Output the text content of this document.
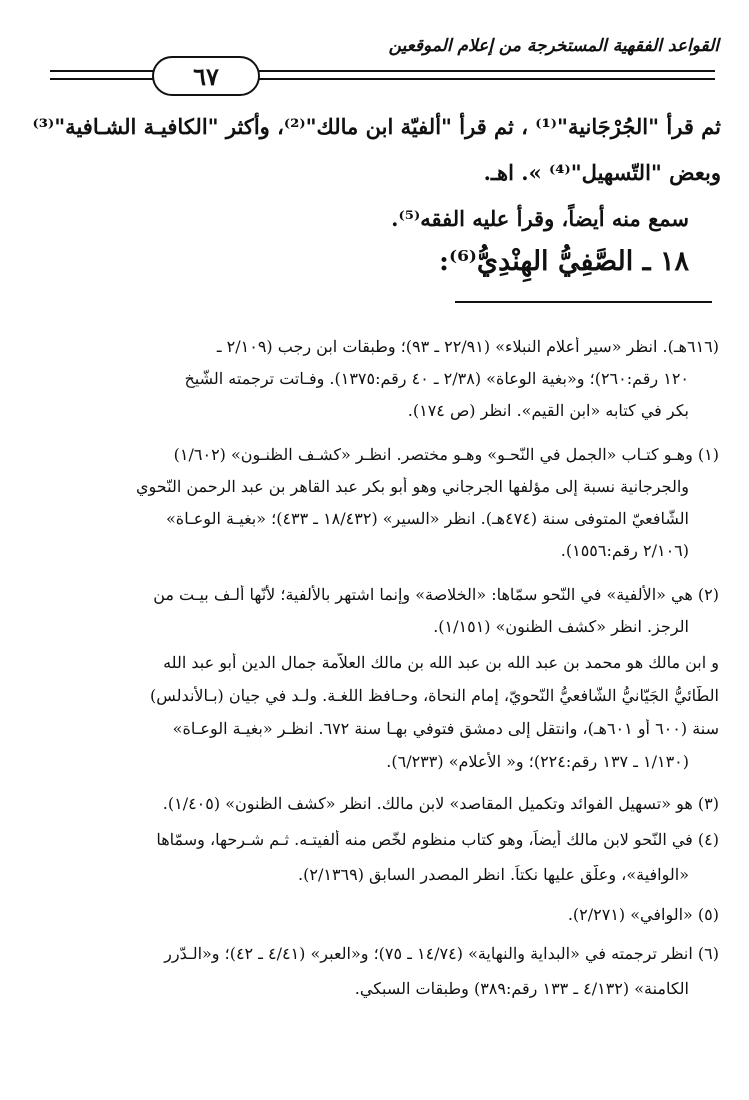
القواعد الفقهية المستخرجة من إعلام الموقعين
٦٧
ثم قرأ "الجُرْجَانية"⁽¹⁾ ، ثم قرأ "ألفيّة ابن مالك"⁽²⁾، وأكثر "الكافيـة الشـافية"⁽³⁾
وبعض "التّسهيل"⁽⁴⁾ ». اهـ.
سمع منه أيضاً، وقرأ عليه الفقه⁽⁵⁾.
١٨ ـ الصَّفِيُّ الهِنْدِيُّ⁽⁶⁾:
(٦١٦هـ). انظر «سير أعلام النبلاء» (٢٢/٩١ ـ ٩٣)؛ وطبقات ابن رجب (٢/١٠٩ ـ
١٢٠ رقم:٢٦٠)؛ و«بغية الوعاة» (٢/٣٨ ـ ٤٠ رقم:١٣٧٥). وفـاتت ترجمته الشّيخ
بكر في كتابه «ابن القيم». انظر (ص ١٧٤).
(١) وهـو كتـاب «الجمل في النّحـو» وهـو مختصر. انظـر «كشـف الظنـون» (١/٦٠٢)
والجرجانية نسبة إلى مؤلفها الجرجاني وهو أبو بكر عبد القاهر بن عبد الرحمن النّحوي
الشّافعيّ المتوفى سنة (٤٧٤هـ). انظر «السير» (١٨/٤٣٢ ـ ٤٣٣)؛ «بغيـة الوعـاة»
(٢/١٠٦ رقم:١٥٥٦).
(٢) هي «الألفية» في النّحو سمّاها: «الخلاصة» وإنما اشتهر بالألفية؛ لأنّها ألـف بيـت من
الرجز. انظر «كشف الظنون» (١/١٥١).
و ابن مالك هو محمد بن عبد الله بن عبد الله بن مالك العلاّمة جمال الدين أبو عبد الله
الطّائيُّ الجَيّانيُّ الشّافعيُّ النّحويّ، إمام النحاة، وحـافظ اللغـة. ولـد في جيان (بـالأندلس)
سنة (٦٠٠ أو ٦٠١هـ)، وانتقل إلى دمشق فتوفي بهـا سنة ٦٧٢. انظـر «بغيـة الوعـاة»
(١/١٣٠ ـ ١٣٧ رقم:٢٢٤)؛ و« الأعلام» (٦/٢٣٣).
(٣) هو «تسهيل الفوائد وتكميل المقاصد» لابن مالك. انظر «كشف الظنون» (١/٤٠٥).
(٤) في النّحو لابن مالك أيضاً، وهو كتاب منظوم لخّص منه ألفيتـه. ثـم شـرحها، وسمّاها
«الوافية»، وعلّق عليها نكتاً. انظر المصدر السابق (٢/١٣٦٩).
(٥) «الوافي» (٢/٢٧١).
(٦) انظر ترجمته في «البداية والنهاية» (١٤/٧٤ ـ ٧٥)؛ و«العبر» (٤/٤١ ـ ٤٢)؛ و«الـدّرر
الكامنة» (٤/١٣٢ ـ ١٣٣ رقم:٣٨٩) وطبقات السبكي.
